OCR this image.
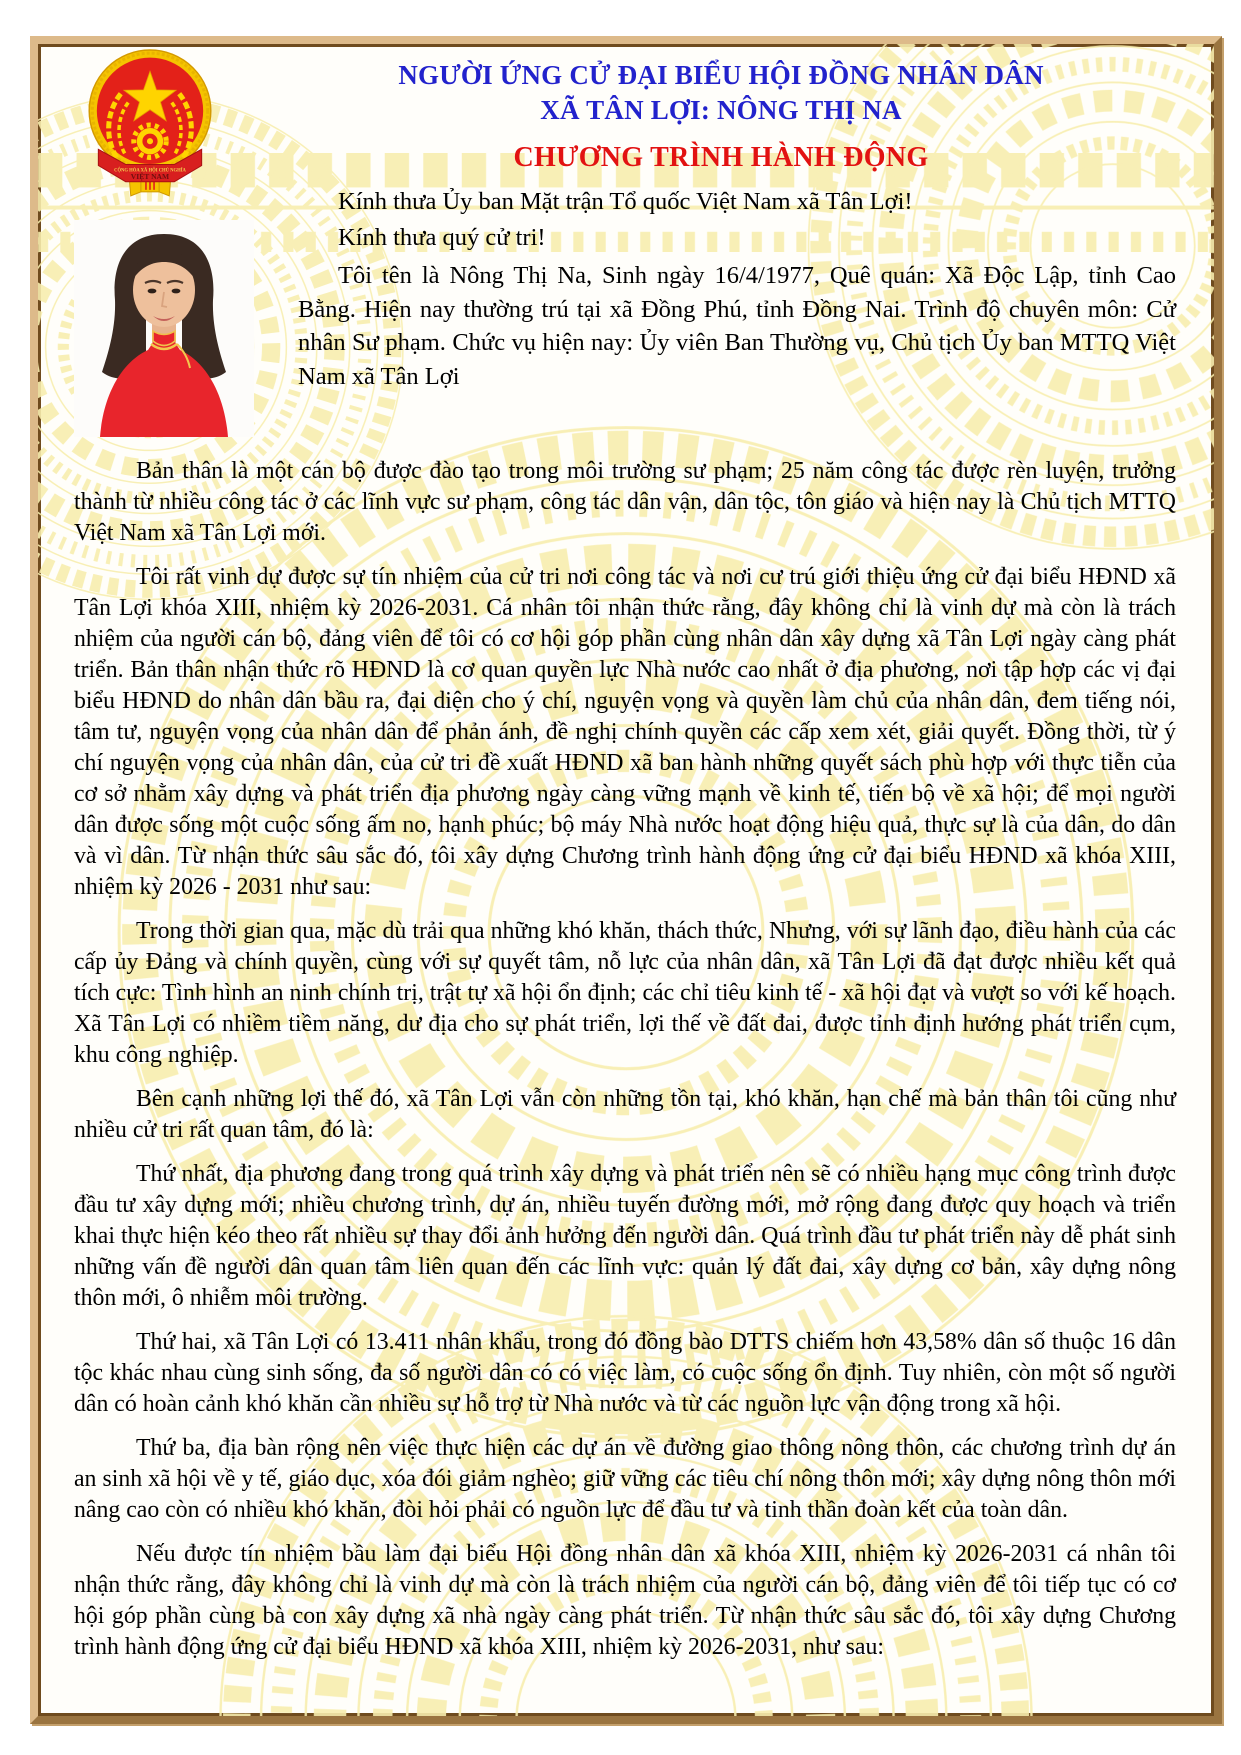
CỘNG HÒA XÃ HỘI CHỦ NGHĨA
VIỆT NAM
NGƯỜI ỨNG CỬ ĐẠI BIỂU HỘI ĐỒNG NHÂN DÂN
XÃ TÂN LỢI: NÔNG THỊ NA
CHƯƠNG TRÌNH HÀNH ĐỘNG

Kính thưa Ủy ban Mặt trận Tổ quốc Việt Nam xã Tân Lợi!

Kính thưa quý cử tri!

Tôi tên là Nông Thị Na, Sinh ngày 16/4/1977, Quê quán: Xã Độc Lập, tỉnh Cao Bằng. Hiện nay thường trú tại xã Đồng Phú, tỉnh Đồng Nai. Trình độ chuyên môn: Cử nhân Sư phạm. Chức vụ hiện nay: Ủy viên Ban Thường vụ, Chủ tịch Ủy ban MTTQ Việt Nam xã Tân Lợi

Bản thân là một cán bộ được đào tạo trong môi trường sư phạm; 25 năm công tác được rèn luyện, trưởng thành từ nhiều công tác ở các lĩnh vực sư phạm, công tác dân vận, dân tộc, tôn giáo và hiện nay là Chủ tịch MTTQ Việt Nam xã Tân Lợi mới.

Tôi rất vinh dự được sự tín nhiệm của cử tri nơi công tác và nơi cư trú giới thiệu ứng cử đại biểu HĐND xã Tân Lợi khóa XIII, nhiệm kỳ 2026-2031. Cá nhân tôi nhận thức rằng, đây không chỉ là vinh dự mà còn là trách nhiệm của người cán bộ, đảng viên để tôi có cơ hội góp phần cùng nhân dân xây dựng xã Tân Lợi ngày càng phát triển. Bản thân nhận thức rõ HĐND là cơ quan quyền lực Nhà nước cao nhất ở địa phương, nơi tập hợp các vị đại biểu HĐND do nhân dân bầu ra, đại diện cho ý chí, nguyện vọng và quyền làm chủ của nhân dân, đem tiếng nói, tâm tư, nguyện vọng của nhân dân để phản ánh, đề nghị chính quyền các cấp xem xét, giải quyết. Đồng thời, từ ý chí nguyện vọng của nhân dân, của cử tri đề xuất HĐND xã ban hành những quyết sách phù hợp với thực tiễn của cơ sở nhằm xây dựng và phát triển địa phương ngày càng vững mạnh về kinh tế, tiến bộ về xã hội; để mọi người dân được sống một cuộc sống ấm no, hạnh phúc; bộ máy Nhà nước hoạt động hiệu quả, thực sự là của dân, do dân và vì dân. Từ nhận thức sâu sắc đó, tôi xây dựng Chương trình hành động ứng cử đại biểu HĐND xã khóa XIII, nhiệm kỳ 2026 - 2031 như sau:

Trong thời gian qua, mặc dù trải qua những khó khăn, thách thức, Nhưng, với sự lãnh đạo, điều hành của các cấp ủy Đảng và chính quyền, cùng với sự quyết tâm, nỗ lực của nhân dân, xã Tân Lợi đã đạt được nhiều kết quả tích cực: Tình hình an ninh chính trị, trật tự xã hội ổn định; các chỉ tiêu kinh tế - xã hội đạt và vượt so với kế hoạch. Xã Tân Lợi có nhiềm tiềm năng, dư địa cho sự phát triển, lợi thế về đất đai, được tỉnh định hướng phát triển cụm, khu công nghiệp.

Bên cạnh những lợi thế đó, xã Tân Lợi vẫn còn những tồn tại, khó khăn, hạn chế mà bản thân tôi cũng như nhiều cử tri rất quan tâm, đó là:

Thứ nhất, địa phương đang trong quá trình xây dựng và phát triển nên sẽ có nhiều hạng mục công trình được đầu tư xây dựng mới; nhiều chương trình, dự án, nhiều tuyến đường mới, mở rộng đang được quy hoạch và triển khai thực hiện kéo theo rất nhiều sự thay đổi ảnh hưởng đến người dân. Quá trình đầu tư phát triển này dễ phát sinh những vấn đề người dân quan tâm liên quan đến các lĩnh vực: quản lý đất đai, xây dựng cơ bản, xây dựng nông thôn mới, ô nhiễm môi trường.

Thứ hai, xã Tân Lợi có 13.411 nhân khẩu, trong đó đồng bào DTTS chiếm hơn 43,58% dân số thuộc 16 dân tộc khác nhau cùng sinh sống, đa số người dân có có việc làm, có cuộc sống ổn định. Tuy nhiên, còn một số người dân có hoàn cảnh khó khăn cần nhiều sự hỗ trợ từ Nhà nước và từ các nguồn lực vận động trong xã hội.

Thứ ba, địa bàn rộng nên việc thực hiện các dự án về đường giao thông nông thôn, các chương trình dự án an sinh xã hội về y tế, giáo dục, xóa đói giảm nghèo; giữ vững các tiêu chí nông thôn mới; xây dựng nông thôn mới nâng cao còn có nhiều khó khăn, đòi hỏi phải có nguồn lực để đầu tư và tinh thần đoàn kết của toàn dân.

Nếu được tín nhiệm bầu làm đại biểu Hội đồng nhân dân xã khóa XIII, nhiệm kỳ 2026-2031 cá nhân tôi nhận thức rằng, đây không chỉ là vinh dự mà còn là trách nhiệm của người cán bộ, đảng viên để tôi tiếp tục có cơ hội góp phần cùng bà con xây dựng xã nhà ngày càng phát triển. Từ nhận thức sâu sắc đó, tôi xây dựng Chương trình hành động ứng cử đại biểu HĐND xã khóa XIII, nhiệm kỳ 2026-2031, như sau:
